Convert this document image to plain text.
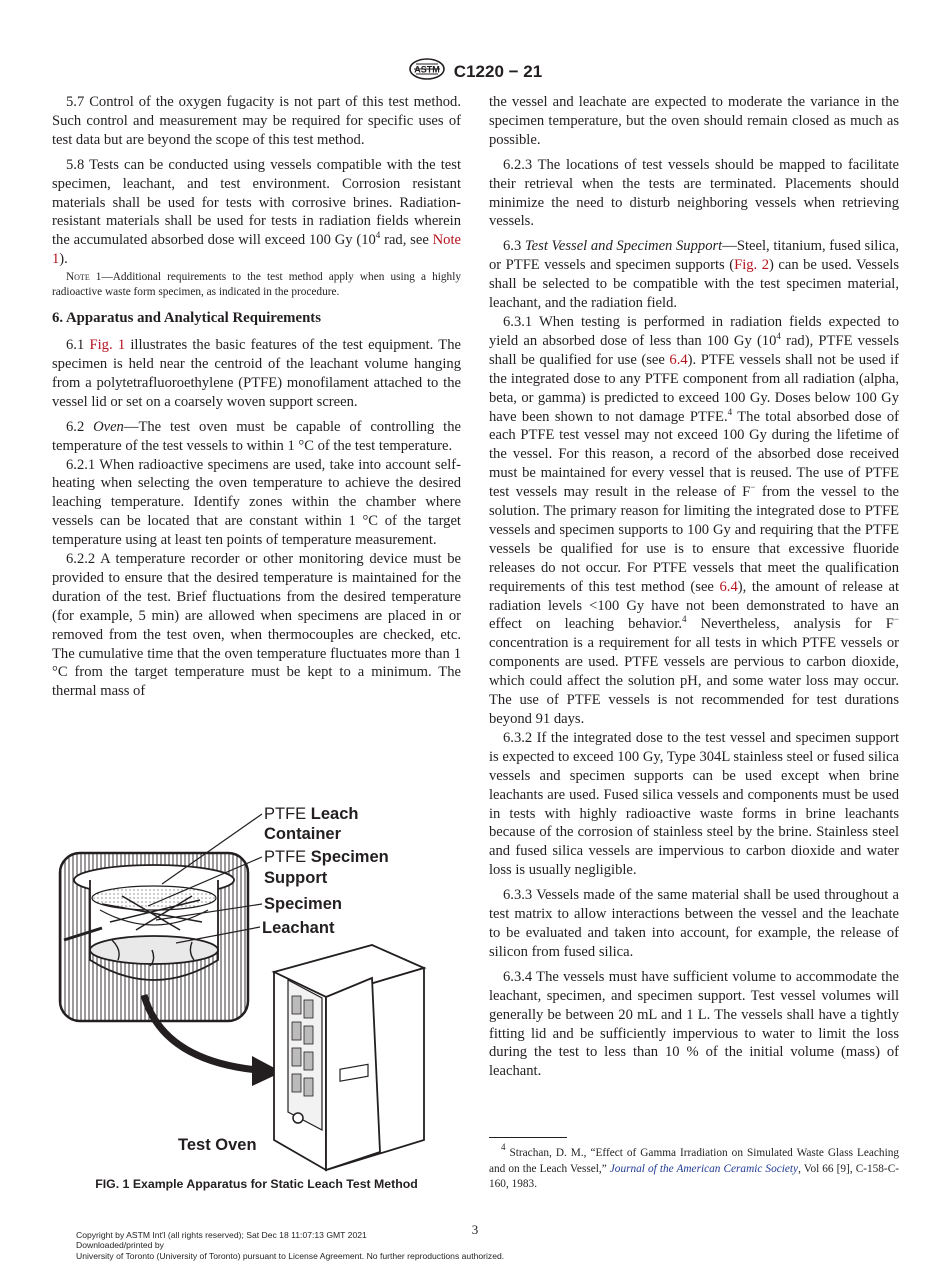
ASTM C1220 − 21

5.7 Control of the oxygen fugacity is not part of this test method. Such control and measurement may be required for specific uses of test data but are beyond the scope of this test method.

5.8 Tests can be conducted using vessels compatible with the test specimen, leachant, and test environment. Corrosion resistant materials shall be used for tests with corrosive brines. Radiation-resistant materials shall be used for tests in radiation fields wherein the accumulated absorbed dose will exceed 100 Gy ($10^4$ rad, see Note 1).

Note 1—Additional requirements to the test method apply when using a highly radioactive waste form specimen, as indicated in the procedure.

6. Apparatus and Analytical Requirements

6.1 Fig. 1 illustrates the basic features of the test equipment. The specimen is held near the centroid of the leachant volume hanging from a polytetrafluoroethylene (PTFE) monofilament attached to the vessel lid or set on a coarsely woven support screen.

6.2 Oven—The test oven must be capable of controlling the temperature of the test vessels to within 1 °C of the test temperature.

6.2.1 When radioactive specimens are used, take into account self-heating when selecting the oven temperature to achieve the desired leaching temperature. Identify zones within the chamber where vessels can be located that are constant within 1 °C of the target temperature using at least ten points of temperature measurement.

6.2.2 A temperature recorder or other monitoring device must be provided to ensure that the desired temperature is maintained for the duration of the test. Brief fluctuations from the desired temperature (for example, 5 min) are allowed when specimens are placed in or removed from the test oven, when thermocouples are checked, etc. The cumulative time that the oven temperature fluctuates more than 1 °C from the target temperature must be kept to a minimum. The thermal mass of

PTFE Leach
Container
PTFE Specimen
Support
Specimen
Leachant
Test Oven
FIG. 1 Example Apparatus for Static Leach Test Method

the vessel and leachate are expected to moderate the variance in the specimen temperature, but the oven should remain closed as much as possible.

6.2.3 The locations of test vessels should be mapped to facilitate their retrieval when the tests are terminated. Placements should minimize the need to disturb neighboring vessels when retrieving vessels.

6.3 Test Vessel and Specimen Support—Steel, titanium, fused silica, or PTFE vessels and specimen supports (Fig. 2) can be used. Vessels shall be selected to be compatible with the test specimen material, leachant, and the radiation field.

6.3.1 When testing is performed in radiation fields expected to yield an absorbed dose of less than 100 Gy ($10^4$ rad), PTFE vessels shall be qualified for use (see 6.4). PTFE vessels shall not be used if the integrated dose to any PTFE component from all radiation (alpha, beta, or gamma) is predicted to exceed 100 Gy. Doses below 100 Gy have been shown to not damage PTFE.$^4$ The total absorbed dose of each PTFE test vessel may not exceed 100 Gy during the lifetime of the vessel. For this reason, a record of the absorbed dose received must be maintained for every vessel that is reused. The use of PTFE test vessels may result in the release of F− from the vessel to the solution. The primary reason for limiting the integrated dose to PTFE vessels and specimen supports to 100 Gy and requiring that the PTFE vessels be qualified for use is to ensure that excessive fluoride releases do not occur. For PTFE vessels that meet the qualification requirements of this test method (see 6.4), the amount of release at radiation levels <100 Gy have not been demonstrated to have an effect on leaching behavior.$^4$ Nevertheless, analysis for F− concentration is a requirement for all tests in which PTFE vessels or components are used. PTFE vessels are pervious to carbon dioxide, which could affect the solution pH, and some water loss may occur. The use of PTFE vessels is not recommended for test durations beyond 91 days.

6.3.2 If the integrated dose to the test vessel and specimen support is expected to exceed 100 Gy, Type 304L stainless steel or fused silica vessels and specimen supports can be used except when brine leachants are used. Fused silica vessels and components must be used in tests with highly radioactive waste forms in brine leachants because of the corrosion of stainless steel by the brine. Stainless steel and fused silica vessels are impervious to carbon dioxide and water loss is usually negligible.

6.3.3 Vessels made of the same material shall be used throughout a test matrix to allow interactions between the vessel and the leachate to be evaluated and taken into account, for example, the release of silicon from fused silica.

6.3.4 The vessels must have sufficient volume to accommodate the leachant, specimen, and specimen support. Test vessel volumes will generally be between 20 mL and 1 L. The vessels shall have a tightly fitting lid and be sufficiently impervious to water to limit the loss during the test to less than 10 % of the initial volume (mass) of leachant.

$^4$ Strachan, D. M., “Effect of Gamma Irradiation on Simulated Waste Glass Leaching and on the Leach Vessel,” Journal of the American Ceramic Society, Vol 66 [9], C-158-C-160, 1983.
3
Copyright by ASTM Int'l (all rights reserved); Sat Dec 18 11:07:13 GMT 2021
Downloaded/printed by
University of Toronto (University of Toronto) pursuant to License Agreement. No further reproductions authorized.
